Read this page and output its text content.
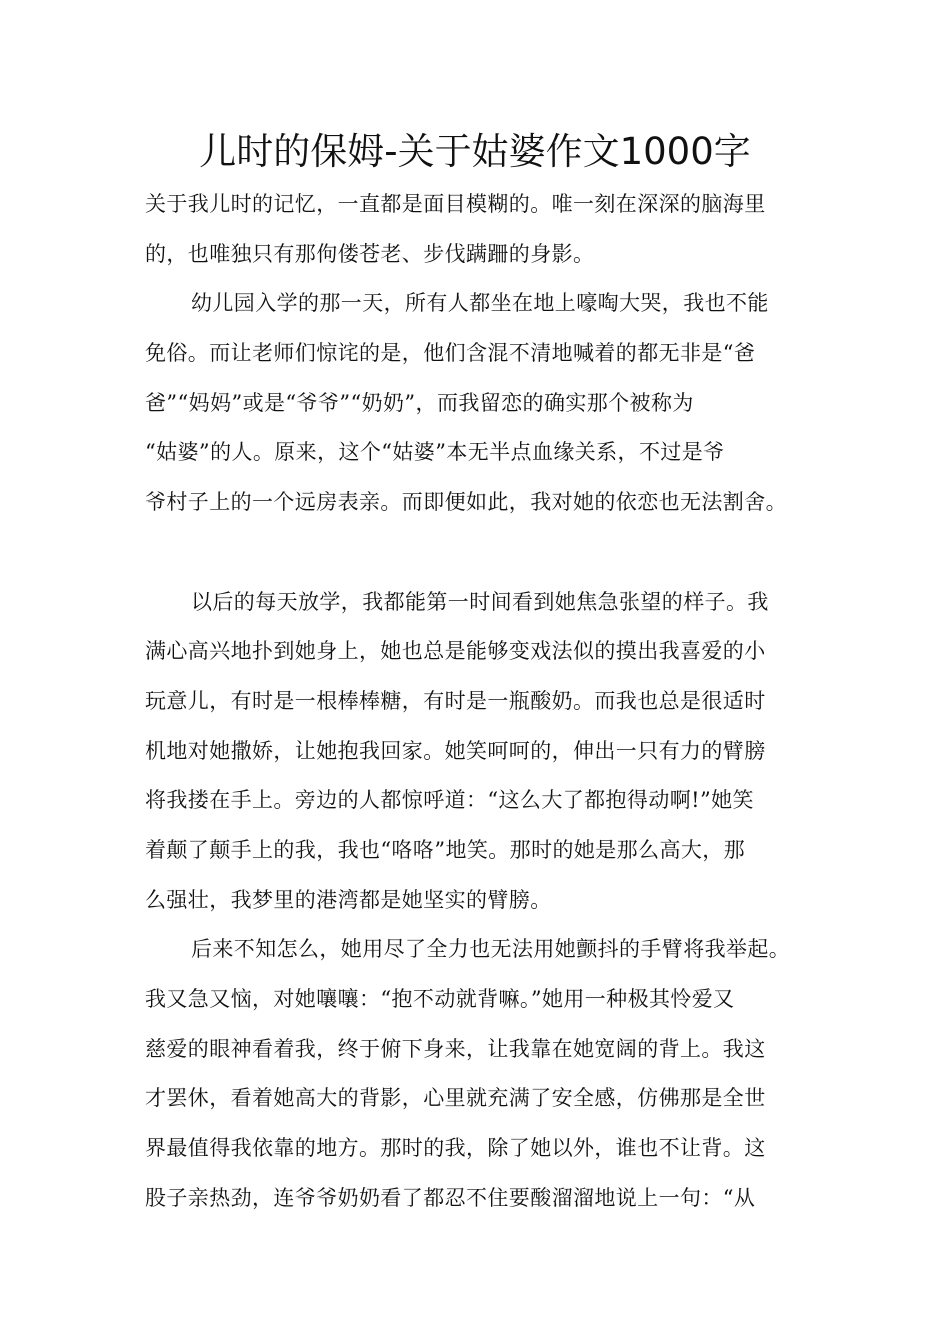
儿时的保姆-关于姑婆作文1000字
关于我儿时的记忆，一直都是面目模糊的。唯一刻在深深的脑海里
的，也唯独只有那佝偻苍老、步伐蹒跚的身影。
幼儿园入学的那一天，所有人都坐在地上嚎啕大哭，我也不能
免俗。而让老师们惊诧的是，他们含混不清地喊着的都无非是“爸
爸”“妈妈”或是“爷爷”“奶奶”，而我留恋的确实那个被称为
“姑婆”的人。原来，这个“姑婆”本无半点血缘关系，不过是爷
爷村子上的一个远房表亲。而即便如此，我对她的依恋也无法割舍。
以后的每天放学，我都能第一时间看到她焦急张望的样子。我
满心高兴地扑到她身上，她也总是能够变戏法似的摸出我喜爱的小
玩意儿，有时是一根棒棒糖，有时是一瓶酸奶。而我也总是很适时
机地对她撒娇，让她抱我回家。她笑呵呵的，伸出一只有力的臂膀
将我搂在手上。旁边的人都惊呼道：“这么大了都抱得动啊!”她笑
着颠了颠手上的我，我也“咯咯”地笑。那时的她是那么高大，那
么强壮，我梦里的港湾都是她坚实的臂膀。
后来不知怎么，她用尽了全力也无法用她颤抖的手臂将我举起。
我又急又恼，对她嚷嚷：“抱不动就背嘛。”她用一种极其怜爱又
慈爱的眼神看着我，终于俯下身来，让我靠在她宽阔的背上。我这
才罢休，看着她高大的背影，心里就充满了安全感，仿佛那是全世
界最值得我依靠的地方。那时的我，除了她以外，谁也不让背。这
股子亲热劲，连爷爷奶奶看了都忍不住要酸溜溜地说上一句：“从
